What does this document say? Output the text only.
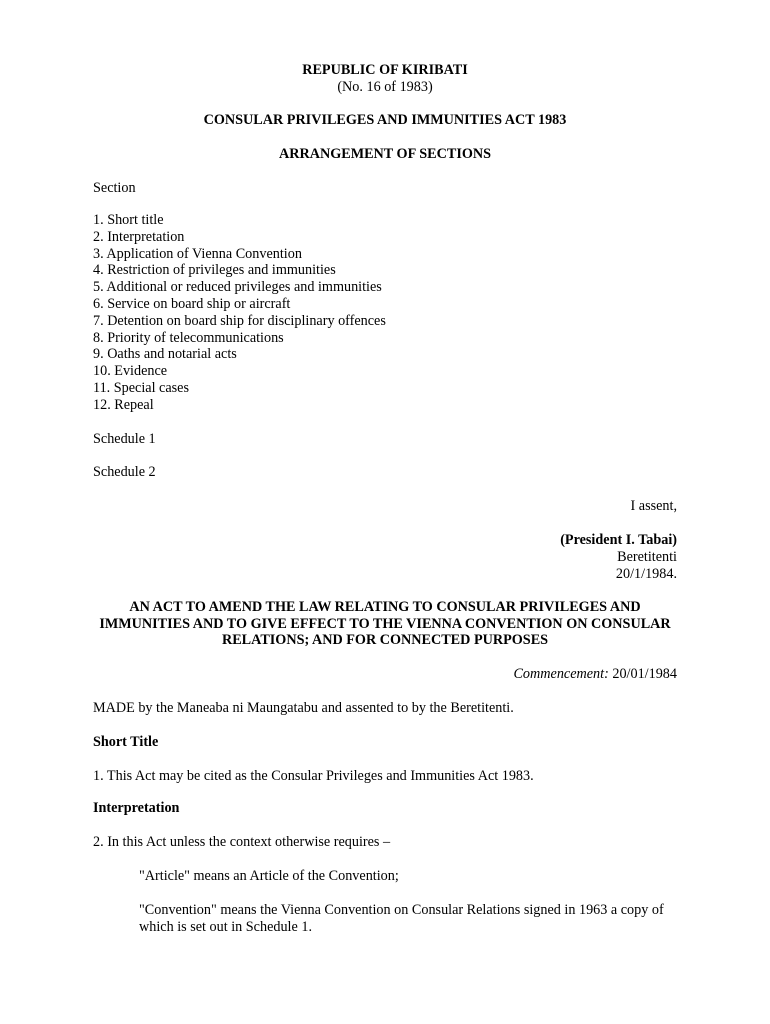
REPUBLIC OF KIRIBATI
(No. 16 of 1983)
CONSULAR PRIVILEGES AND IMMUNITIES ACT 1983
ARRANGEMENT OF SECTIONS
Section
1. Short title
2. Interpretation
3. Application of Vienna Convention
4. Restriction of privileges and immunities
5. Additional or reduced privileges and immunities
6. Service on board ship or aircraft
7. Detention on board ship for disciplinary offences
8. Priority of telecommunications
9. Oaths and notarial acts
10. Evidence
11. Special cases
12. Repeal
Schedule 1
Schedule 2
I assent,
(President I. Tabai)
Beretitenti
20/1/1984.
AN ACT TO AMEND THE LAW RELATING TO CONSULAR PRIVILEGES AND IMMUNITIES AND TO GIVE EFFECT TO THE VIENNA CONVENTION ON CONSULAR RELATIONS; AND FOR CONNECTED PURPOSES
Commencement: 20/01/1984
MADE by the Maneaba ni Maungatabu and assented to by the Beretitenti.
Short Title
1. This Act may be cited as the Consular Privileges and Immunities Act 1983.
Interpretation
2. In this Act unless the context otherwise requires –
"Article" means an Article of the Convention;
"Convention" means the Vienna Convention on Consular Relations signed in 1963 a copy of which is set out in Schedule 1.
